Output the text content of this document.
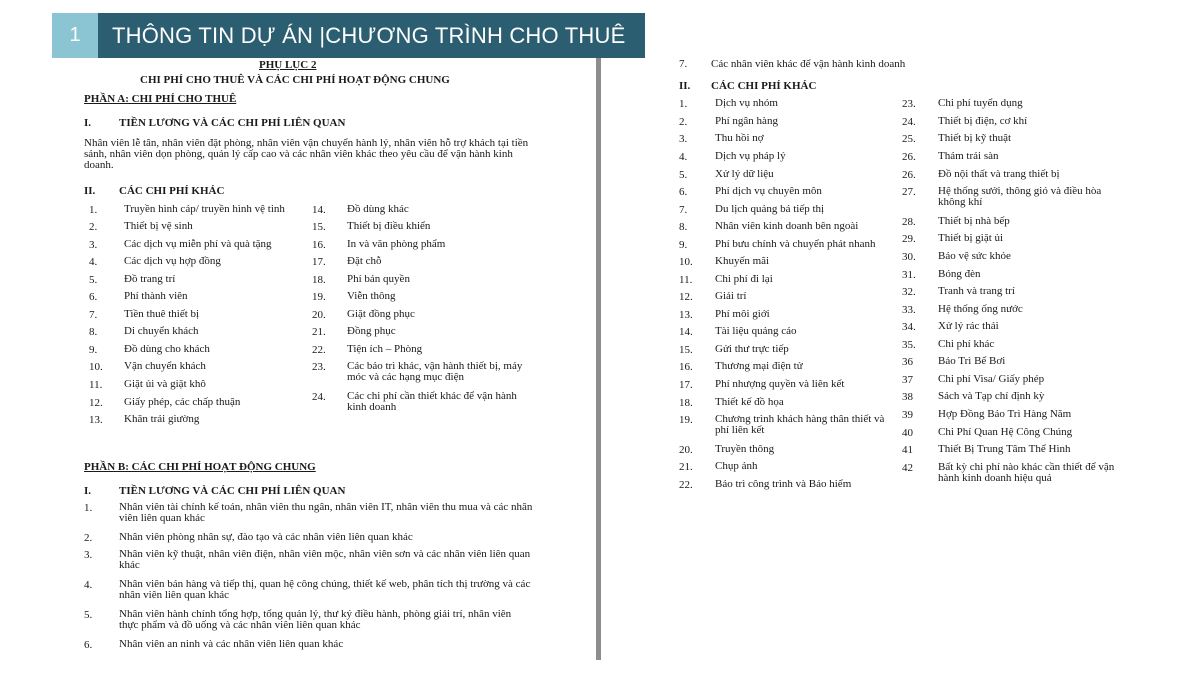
1	THÔNG TIN DỰ ÁN |CHƯƠNG TRÌNH CHO THUÊ
PHỤ LỤC 2
CHI PHÍ CHO THUÊ VÀ CÁC CHI PHÍ HOẠT ĐỘNG CHUNG
PHẦN A: CHI PHÍ CHO THUÊ
I.	TIỀN LƯƠNG VÀ CÁC CHI PHÍ LIÊN QUAN
Nhân viên lễ tân, nhân viên đặt phòng, nhân viên vận chuyển hành lý, nhân viên hỗ trợ khách tại tiền sảnh, nhân viên dọn phòng, quản lý cấp cao và các nhân viên khác theo yêu cầu để vận hành kinh doanh.
II. CÁC CHI PHÍ KHÁC
1. Truyền hình cáp/ truyền hình vệ tinh
2. Thiết bị vệ sinh
3. Các dịch vụ miễn phí và quà tặng
4. Các dịch vụ hợp đồng
5. Đồ trang trí
6. Phí thành viên
7. Tiền thuê thiết bị
8. Di chuyển khách
9. Đồ dùng cho khách
10. Vận chuyển khách
11. Giặt ủi và giặt khô
12. Giấy phép, các chấp thuận
13. Khăn trải giường
14. Đồ dùng khác
15. Thiết bị điều khiển
16. In và văn phòng phẩm
17. Đặt chỗ
18. Phí bản quyền
19. Viễn thông
20. Giặt đồng phục
21. Đồng phục
22. Tiện ích – Phòng
23. Các bảo trì khác, vận hành thiết bị, máy móc và các hạng mục điện
24. Các chi phí cần thiết khác để vận hành kinh doanh
PHẦN B: CÁC CHI PHÍ HOẠT ĐỘNG CHUNG
I.	TIỀN LƯƠNG VÀ CÁC CHI PHÍ LIÊN QUAN
1. Nhân viên tài chính kế toán, nhân viên thu ngân, nhân viên IT, nhân viên thu mua và các nhân viên liên quan khác
2. Nhân viên phòng nhân sự, đào tạo và các nhân viên liên quan khác
3. Nhân viên kỹ thuật, nhân viên điện, nhân viên mộc, nhân viên sơn và các nhân viên liên quan khác
4. Nhân viên bán hàng và tiếp thị, quan hệ công chúng, thiết kế web, phân tích thị trường và các nhân viên liên quan khác
5. Nhân viên hành chính tổng hợp, tổng quản lý, thư ký điều hành, phòng giải trí, nhân viên thực phẩm và đồ uống và các nhân viên liên quan khác
6. Nhân viên an ninh và các nhân viên liên quan khác
7. Các nhân viên khác để vận hành kinh doanh
II. CÁC CHI PHÍ KHÁC
1.	Dịch vụ nhóm
2.	Phí ngân hàng
3.	Thu hồi nợ
4.	Dịch vụ pháp lý
5.	Xử lý dữ liệu
6.	Phí dịch vụ chuyên môn
7.	Du lịch quảng bá tiếp thị
8.	Nhân viên kinh doanh bên ngoài
9.	Phí bưu chính và chuyển phát nhanh
10. Khuyến mãi
11. Chi phí đi lại
12. Giải trí
13. Phí môi giới
14. Tài liệu quảng cáo
15. Gửi thư trực tiếp
16. Thương mại điện tử
17. Phí nhượng quyền và liên kết
18. Thiết kế đồ họa
19. Chương trình khách hàng thân thiết và phí liên kết
20. Truyền thông
21. Chụp ảnh
22. Bảo trì công trình và Bảo hiểm
23. Chi phí tuyển dụng
24. Thiết bị điện, cơ khí
25. Thiết bị kỹ thuật
26. Thảm trải sàn
26. Đồ nội thất và trang thiết bị
27. Hệ thống sưởi, thông gió và điều hòa không khí
28. Thiết bị nhà bếp
29. Thiết bị giặt ủi
30. Bảo vệ sức khỏe
31. Bóng đèn
32. Tranh và trang trí
33. Hệ thống ống nước
34. Xử lý rác thải
35. Chi phí khác
36 Bảo Trì Bể Bơi
37 Chi phí Visa/ Giấy phép
38 Sách và Tạp chí định kỳ
39 Hợp Đồng Bảo Trì Hàng Năm
40 Chi Phí Quan Hệ Công Chúng
41 Thiết Bị Trung Tâm Thể Hình
42 Bất kỳ chi phí nào khác cần thiết để vận hành kinh doanh hiệu quả
